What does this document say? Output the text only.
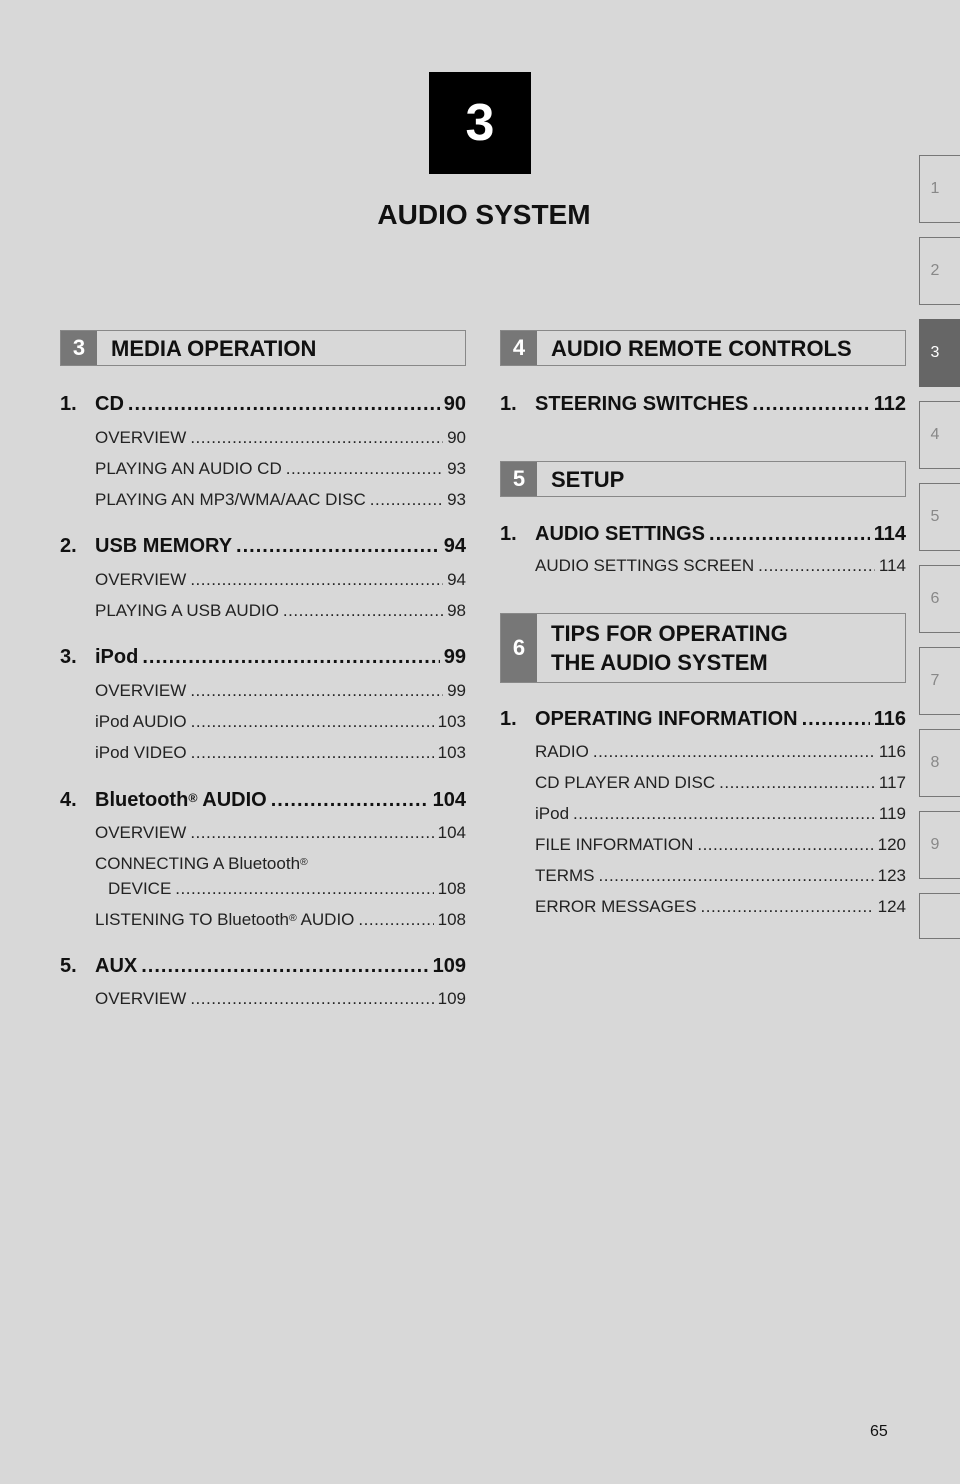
3
AUDIO SYSTEM
1
2
3
4
5
6
7
8
9
3	MEDIA OPERATION
1. CD .....	90
OVERVIEW .....	90
PLAYING AN AUDIO CD .....	93
PLAYING AN MP3/WMA/AAC DISC .....	93
2. USB MEMORY .....	94
OVERVIEW .....	94
PLAYING A USB AUDIO .....	98
3. iPod .....	99
OVERVIEW .....	99
iPod AUDIO .....	103
iPod VIDEO .....	103
4. Bluetooth® AUDIO .....	104
OVERVIEW .....	104
CONNECTING A Bluetooth®
DEVICE .....	108
LISTENING TO Bluetooth® AUDIO .....	108
5. AUX .....	109
OVERVIEW .....	109
4	AUDIO REMOTE CONTROLS
1. STEERING SWITCHES .....	112
5	SETUP
1. AUDIO SETTINGS .....	114
AUDIO SETTINGS SCREEN .....	114
6
TIPS FOR OPERATING
THE AUDIO SYSTEM
1. OPERATING INFORMATION .....	116
RADIO .....	116
CD PLAYER AND DISC .....	117
iPod .....	119
FILE INFORMATION .....	120
TERMS .....	123
ERROR MESSAGES .....	124
65
